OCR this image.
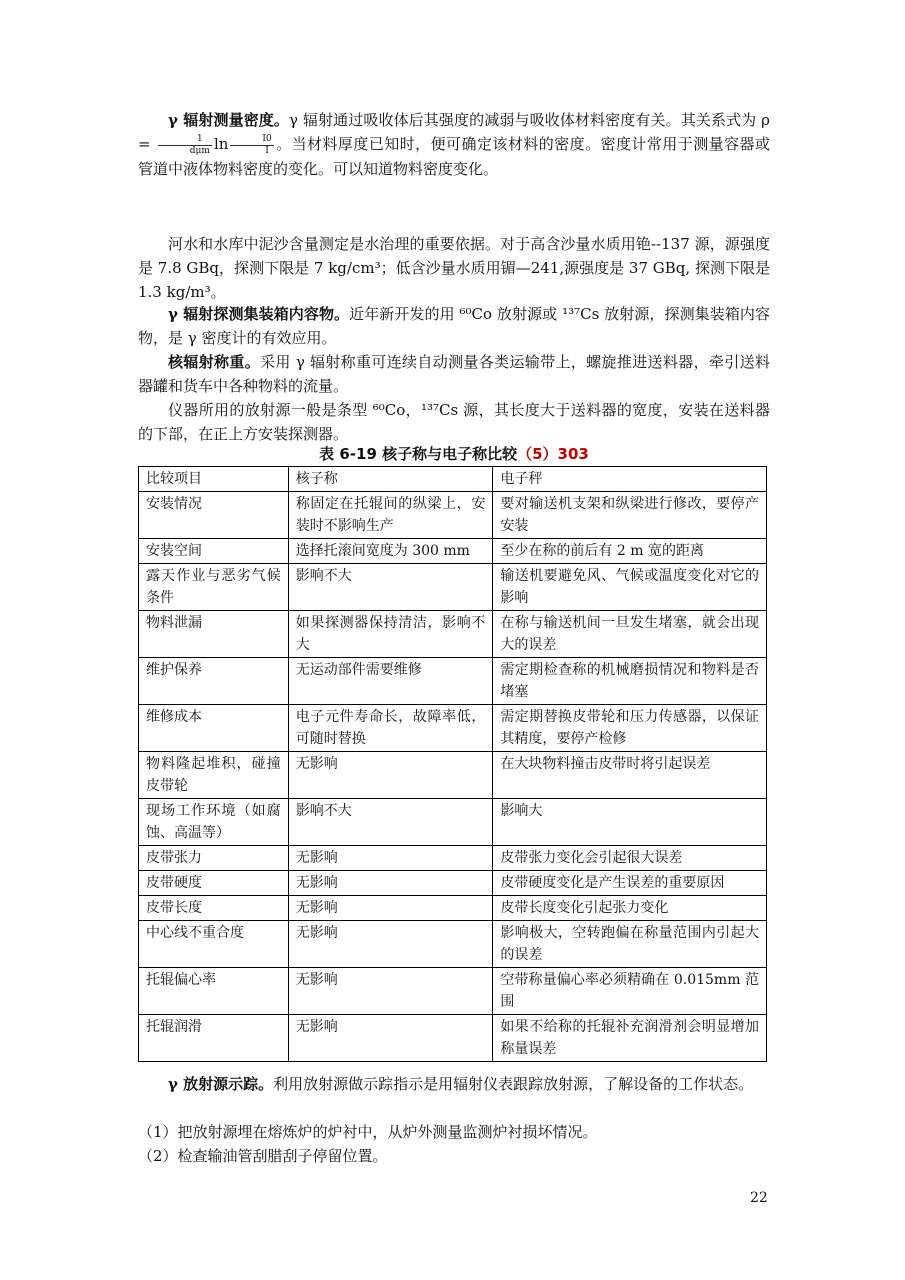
γ 辐射测量密度。γ 辐射通过吸收体后其强度的减弱与吸收体材料密度有关。其关系式为 $\rho = \frac{1}{\text{dμm}}$ $\ln \frac{I0}{I}$ 。当材料厚度已知时，便可确定该材料的密度。密度计常用于测量容器或管道中液体物料密度的变化。可以知道物料密度变化。

河水和水库中泥沙含量测定是水治理的重要依据。对于高含沙量水质用铯--137 源，源强度是 7.8 GBq，探测下限是 7 kg/cm³；低含沙量水质用镅—241,源强度是 37 GBq, 探测下限是 1.3 kg/m³。

γ 辐射探测集装箱内容物。近年新开发的用 ⁶⁰Co 放射源或 ¹³⁷Cs 放射源，探测集装箱内容物，是 γ 密度计的有效应用。

核辐射称重。采用 γ 辐射称重可连续自动测量各类运输带上，螺旋推进送料器，牵引送料器罐和货车中各种物料的流量。

仪器所用的放射源一般是条型 ⁶⁰Co，¹³⁷Cs 源，其长度大于送料器的宽度，安装在送料器的下部，在正上方安装探测器。

表 6-19 核子称与电子称比较（5）303
比较项目	核子称	电子秤
安装情况	称固定在托辊间的纵梁上，安装时不影响生产	要对输送机支架和纵梁进行修改，要停产安装
安装空间	选择托滚间宽度为 300 mm	至少在称的前后有 2 m 宽的距离
露天作业与恶劣气候条件	影响不大	输送机要避免风、气候或温度变化对它的影响
物料泄漏	如果探测器保持清洁，影响不大	在称与输送机间一旦发生堵塞，就会出现大的误差
维护保养	无运动部件需要维修	需定期检查称的机械磨损情况和物料是否堵塞
维修成本	电子元件寿命长，故障率低，可随时替换	需定期替换皮带轮和压力传感器，以保证其精度，要停产检修
物料隆起堆积，碰撞皮带轮	无影响	在大块物料撞击皮带时将引起误差
现场工作环境（如腐蚀、高温等）	影响不大	影响大
皮带张力	无影响	皮带张力变化会引起很大误差
皮带硬度	无影响	皮带硬度变化是产生误差的重要原因
皮带长度	无影响	皮带长度变化引起张力变化
中心线不重合度	无影响	影响极大，空转跑偏在称量范围内引起大的误差
托辊偏心率	无影响	空带称量偏心率必须精确在 0.015mm 范围
托辊润滑	无影响	如果不给称的托辊补充润滑剂会明显增加称量误差

γ 放射源示踪。利用放射源做示踪指示是用辐射仪表跟踪放射源，了解设备的工作状态。

（1）把放射源埋在熔炼炉的炉衬中，从炉外测量监测炉衬损坏情况。

（2）检查输油管刮腊刮子停留位置。

22
